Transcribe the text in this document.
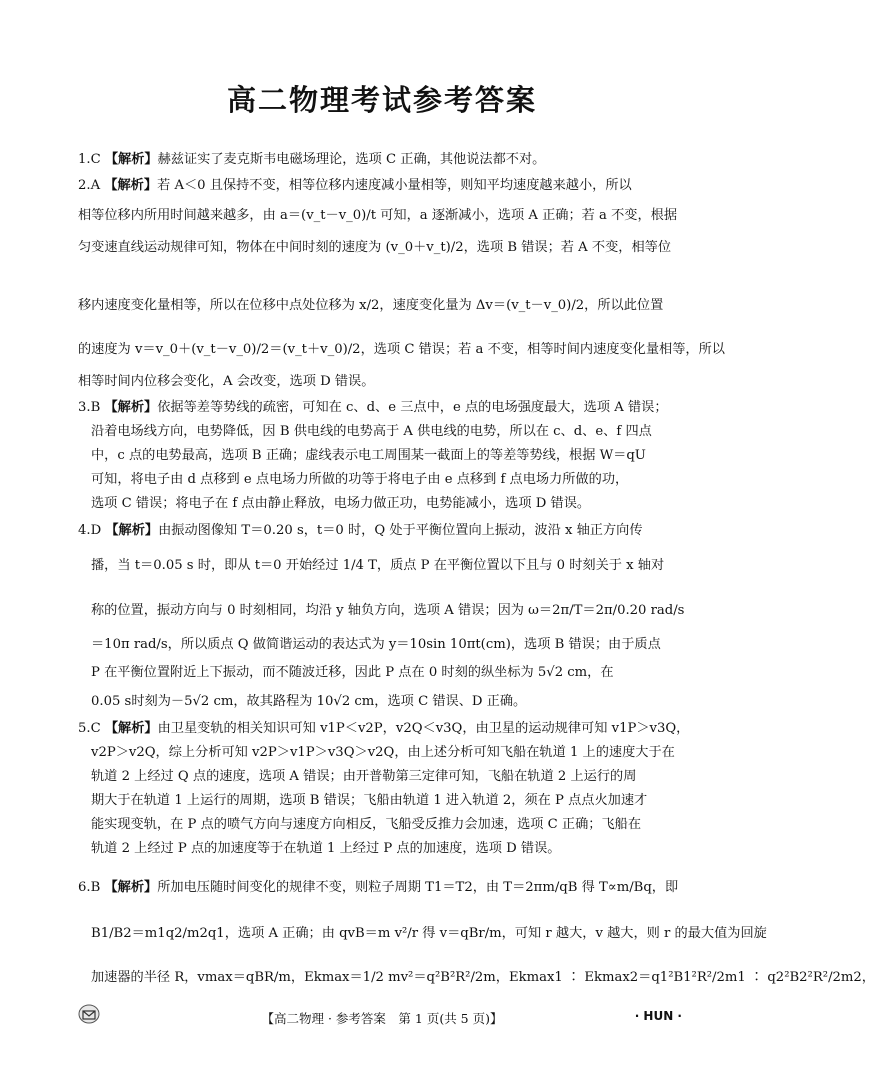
高二物理考试参考答案
1.C 【解析】赫兹证实了麦克斯韦电磁场理论，选项 C 正确，其他说法都不对。
2.A 【解析】若 A＜0 且保持不变，相等位移内速度减小量相等，则知平均速度越来越小，所以
相等位移内所用时间越来越多，由 a＝(v_t－v_0)/t 可知，a 逐渐减小，选项 A 正确；若 a 不变，根据
匀变速直线运动规律可知，物体在中间时刻的速度为 (v_0＋v_t)/2，选项 B 错误；若 A 不变，相等位
移内速度变化量相等，所以在位移中点处位移为 x/2，速度变化量为 Δv＝(v_t－v_0)/2，所以此位置
的速度为 v＝v_0＋(v_t－v_0)/2＝(v_t＋v_0)/2，选项 C 错误；若 a 不变，相等时间内速度变化量相等，所以
相等时间内位移会变化，A 会改变，选项 D 错误。
3.B 【解析】依据等差等势线的疏密，可知在 c、d、e 三点中，e 点的电场强度最大，选项 A 错误；
沿着电场线方向，电势降低，因 B 供电线的电势高于 A 供电线的电势，所以在 c、d、e、f 四点
中，c 点的电势最高，选项 B 正确；虚线表示电工周围某一截面上的等差等势线，根据 W＝qU
可知，将电子由 d 点移到 e 点电场力所做的功等于将电子由 e 点移到 f 点电场力所做的功，
选项 C 错误；将电子在 f 点由静止释放，电场力做正功，电势能减小，选项 D 错误。
4.D 【解析】由振动图像知 T＝0.20 s，t＝0 时，Q 处于平衡位置向上振动，波沿 x 轴正方向传
播，当 t＝0.05 s 时，即从 t＝0 开始经过 1/4 T，质点 P 在平衡位置以下且与 0 时刻关于 x 轴对
称的位置，振动方向与 0 时刻相同，均沿 y 轴负方向，选项 A 错误；因为 ω＝2π/T＝2π/0.20 rad/s
＝10π rad/s，所以质点 Q 做简谐运动的表达式为 y＝10sin 10πt(cm)，选项 B 错误；由于质点
P 在平衡位置附近上下振动，而不随波迁移，因此 P 点在 0 时刻的纵坐标为 5√2 cm，在
0.05 s时刻为－5√2 cm，故其路程为 10√2 cm，选项 C 错误、D 正确。
5.C 【解析】由卫星变轨的相关知识可知 v1P＜v2P，v2Q＜v3Q，由卫星的运动规律可知 v1P＞v3Q，
v2P＞v2Q，综上分析可知 v2P＞v1P＞v3Q＞v2Q，由上述分析可知飞船在轨道 1 上的速度大于在
轨道 2 上经过 Q 点的速度，选项 A 错误；由开普勒第三定律可知，飞船在轨道 2 上运行的周
期大于在轨道 1 上运行的周期，选项 B 错误；飞船由轨道 1 进入轨道 2，须在 P 点点火加速才
能实现变轨，在 P 点的喷气方向与速度方向相反，飞船受反推力会加速，选项 C 正确；飞船在
轨道 2 上经过 P 点的加速度等于在轨道 1 上经过 P 点的加速度，选项 D 错误。
6.B 【解析】所加电压随时间变化的规律不变，则粒子周期 T1＝T2，由 T＝2πm/qB 得 T∝m/Bq，即
B1/B2＝m1q2/m2q1，选项 A 正确；由 qvB＝m v²/r 得 v＝qBr/m，可知 r 越大，v 越大，则 r 的最大值为回旋
加速器的半径 R，vmax＝qBR/m，Ekmax＝1/2 mv²＝q²B²R²/2m，Ekmax1 ∶ Ekmax2＝q1²B1²R²/2m1 ∶ q2²B2²R²/2m2，
【高二物理 · 参考答案　第 1 页(共 5 页)】	· HUN ·
